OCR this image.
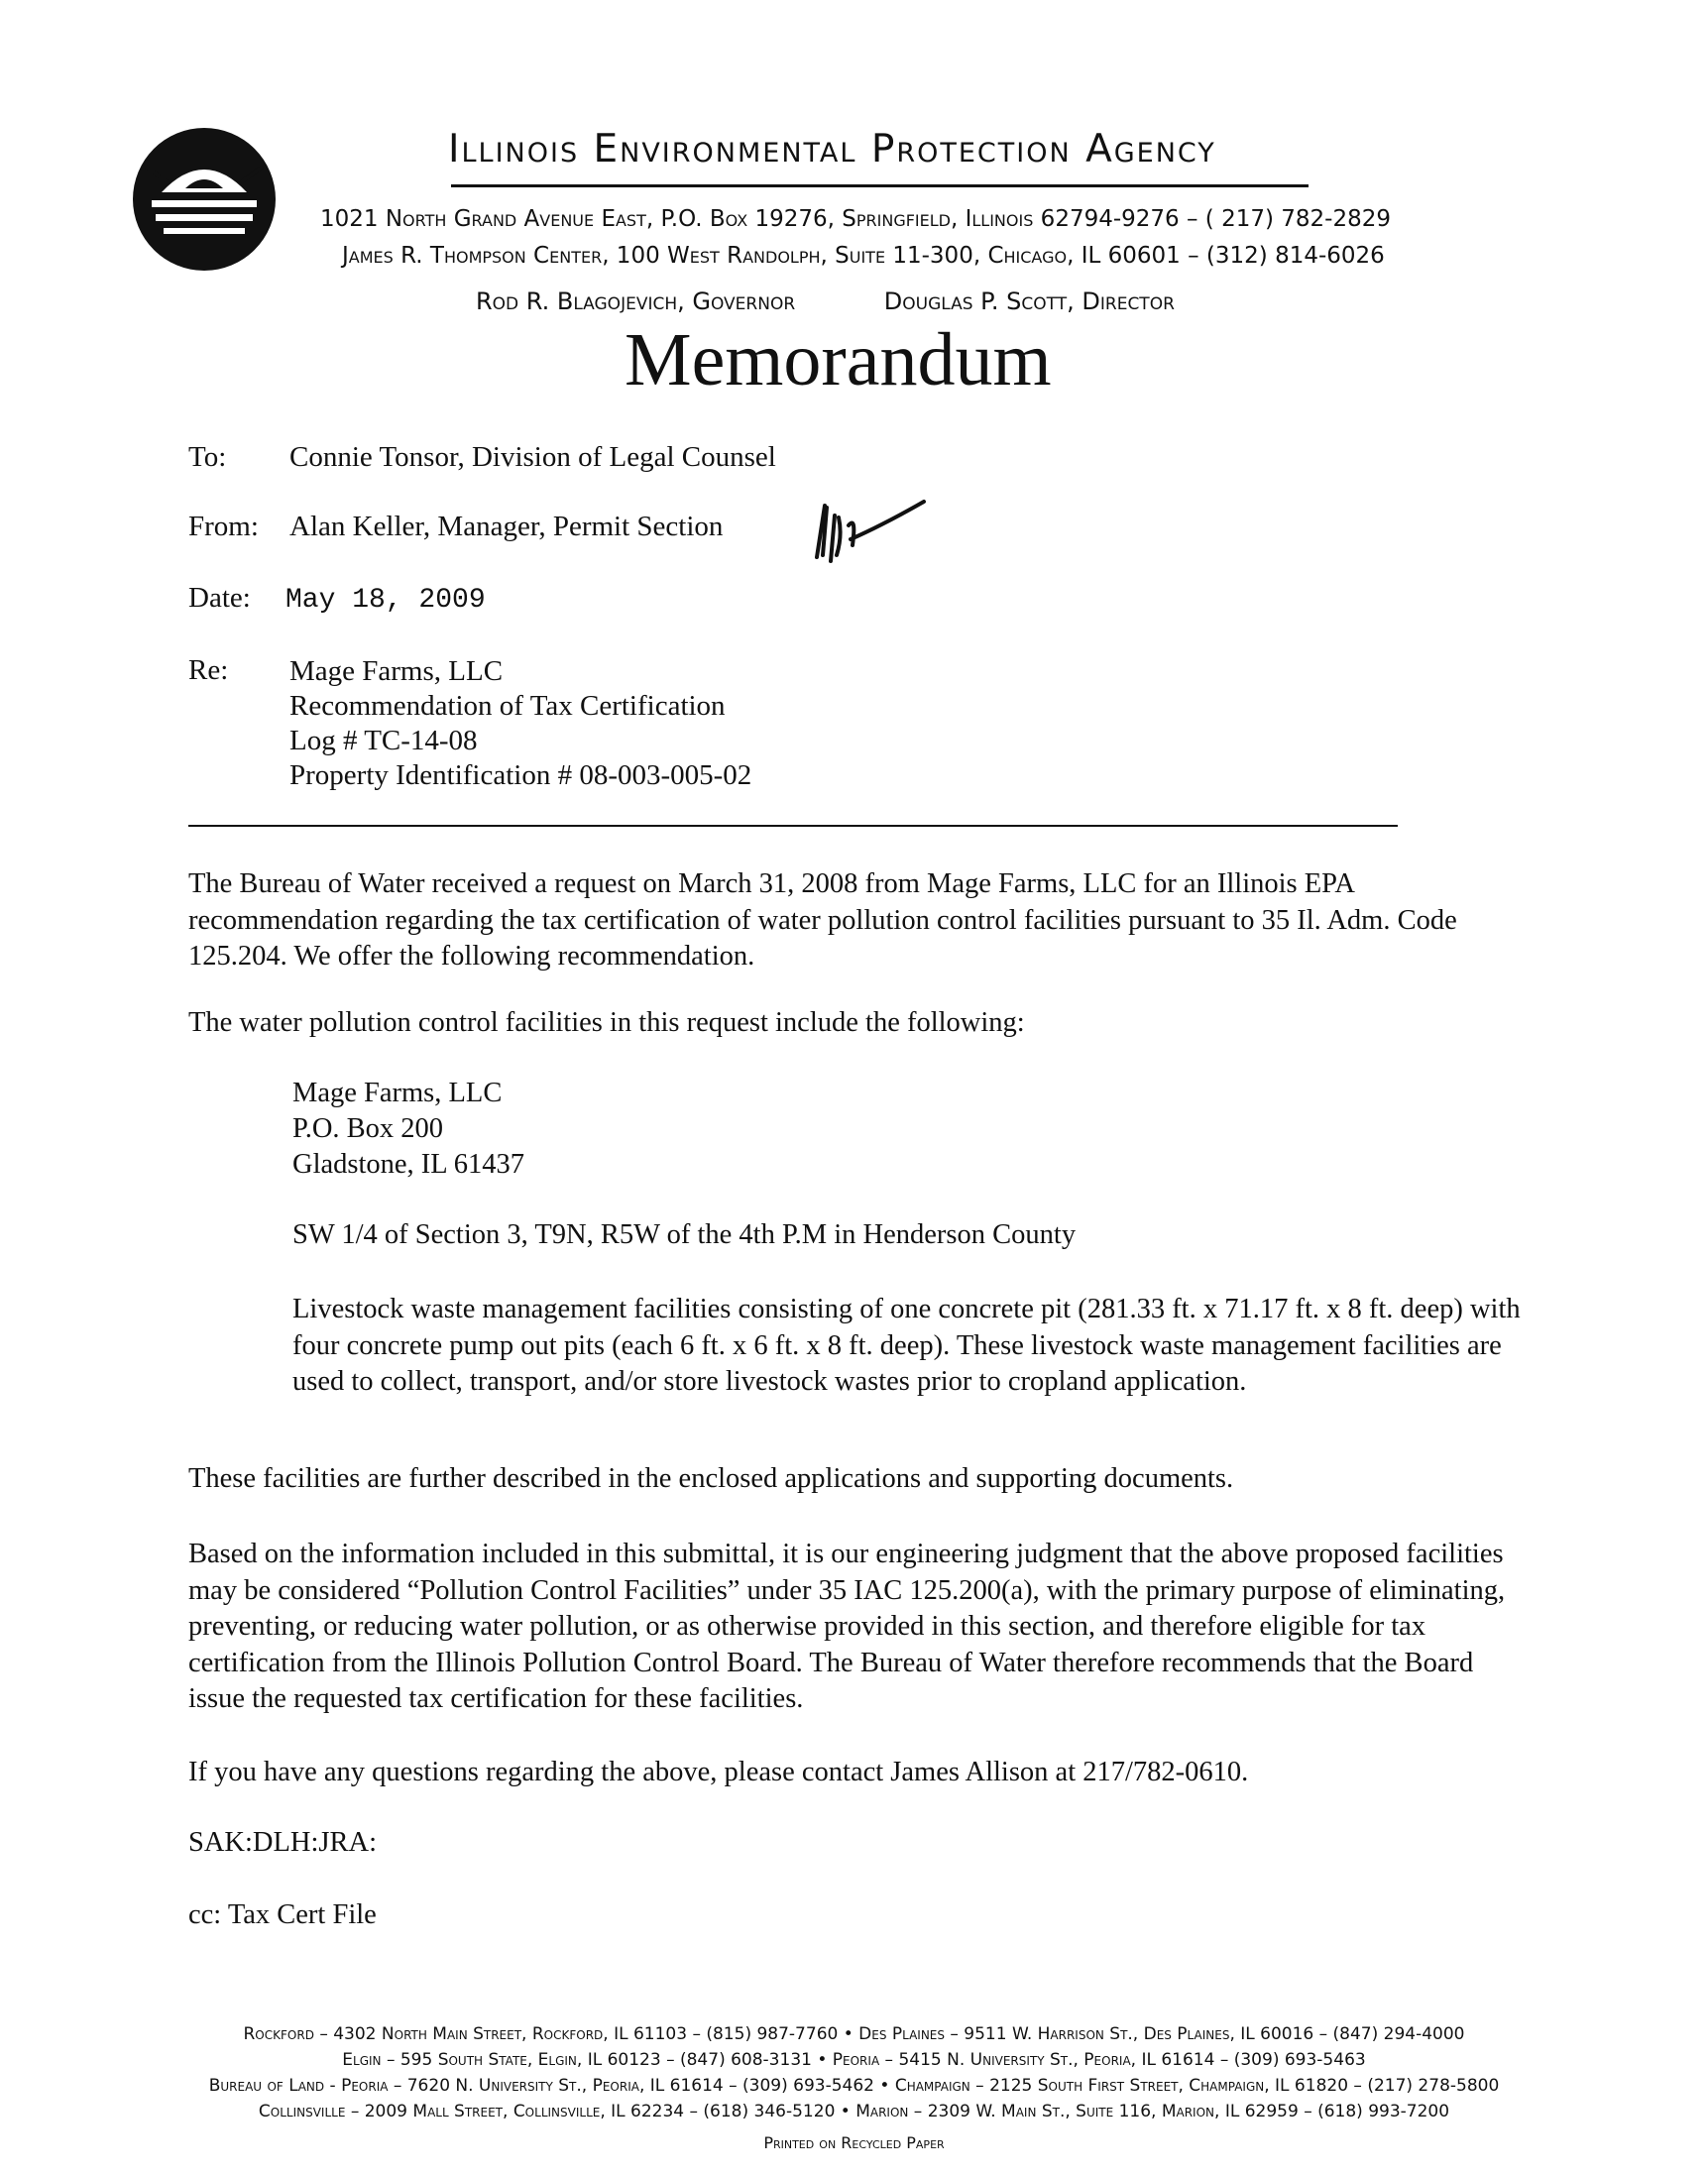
Illinois Environmental Protection Agency
1021 North Grand Avenue East, P.O. Box 19276, Springfield, Illinois 62794-9276 – ( 217) 782-2829
James R. Thompson Center, 100 West Randolph, Suite 11-300, Chicago, IL 60601 – (312) 814-6026
Rod R. Blagojevich, Governor	Douglas P. Scott, Director
Memorandum
To: Connie Tonsor, Division of Legal Counsel
From: Alan Keller, Manager, Permit Section
Date: May 18, 2009
Re: Mage Farms, LLC
Recommendation of Tax Certification
Log # TC-14-08
Property Identification # 08-003-005-02
The Bureau of Water received a request on March 31, 2008 from Mage Farms, LLC for an Illinois EPA recommendation regarding the tax certification of water pollution control facilities pursuant to 35 Il. Adm. Code 125.204. We offer the following recommendation.
The water pollution control facilities in this request include the following:
Mage Farms, LLC
P.O. Box 200
Gladstone, IL 61437
SW 1/4 of Section 3, T9N, R5W of the 4th P.M in Henderson County
Livestock waste management facilities consisting of one concrete pit (281.33 ft. x 71.17 ft. x 8 ft. deep) with four concrete pump out pits (each 6 ft. x 6 ft. x 8 ft. deep). These livestock waste management facilities are used to collect, transport, and/or store livestock wastes prior to cropland application.
These facilities are further described in the enclosed applications and supporting documents.
Based on the information included in this submittal, it is our engineering judgment that the above proposed facilities may be considered “Pollution Control Facilities” under 35 IAC 125.200(a), with the primary purpose of eliminating, preventing, or reducing water pollution, or as otherwise provided in this section, and therefore eligible for tax certification from the Illinois Pollution Control Board. The Bureau of Water therefore recommends that the Board issue the requested tax certification for these facilities.
If you have any questions regarding the above, please contact James Allison at 217/782-0610.
SAK:DLH:JRA:
cc: Tax Cert File
Rockford – 4302 North Main Street, Rockford, IL 61103 – (815) 987-7760 • Des Plaines – 9511 W. Harrison St., Des Plaines, IL 60016 – (847) 294-4000
Elgin – 595 South State, Elgin, IL 60123 – (847) 608-3131 • Peoria – 5415 N. University St., Peoria, IL 61614 – (309) 693-5463
Bureau of Land - Peoria – 7620 N. University St., Peoria, IL 61614 – (309) 693-5462 • Champaign – 2125 South First Street, Champaign, IL 61820 – (217) 278-5800
Collinsville – 2009 Mall Street, Collinsville, IL 62234 – (618) 346-5120 • Marion – 2309 W. Main St., Suite 116, Marion, IL 62959 – (618) 993-7200
Printed on Recycled Paper
